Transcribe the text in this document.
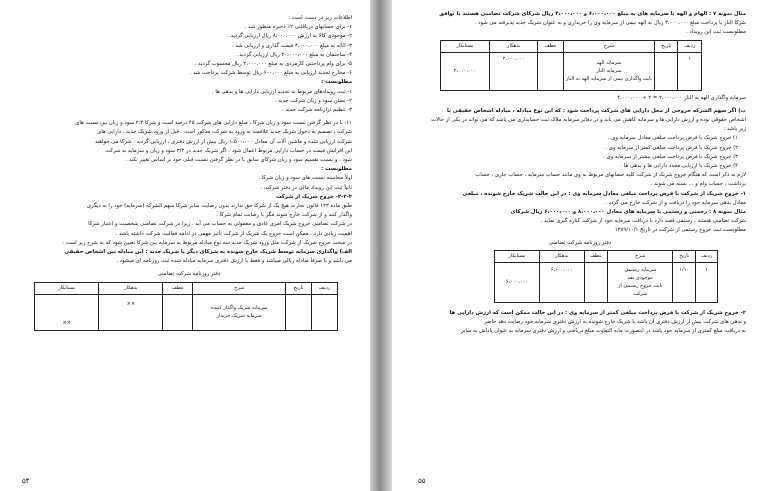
اطلاعات زیر در دست است :
۱- برای حسابهای دریافتنی ۲٪ ذخیره منظور شد .
۲- موجودی کالا به ارزش ۸،۰۰۰،۰۰۰ ریال ارزیابی گردید .
۳- اثاثه به مبلغ ۳،۰۰۰،۰۰۰ قیمت گذاری و ارزیابی شد .
۴- ساختمان به مبلغ ۲۰،۰۰۰،۰۰۰ ریال ارزیابی گردید .
۵- برای وام پرداختنی کارمزدی به مبلغ ۲،۰۰۰،۰۰۰ ریال محسوب گردید .
۶- مخارج تجدید ارزیابی به مبلغ ۶۰۰،۰۰۰ ریال توسط شرکت پرداخت شد .
مطلوبست :
۱- ثبت رویدادهای مربوط به تجدید ارزیابی دارایی ها و بدهی ها .
۲- بستن سود و زیان شرکت جدید .
۳- تنظیم ترازنامه شرکت جدید .
۱۱- با در نظر گرفتن نسبت سود و زیان شرکا ، مبلغ دارایی های شرکت ۴۵ درصد است و شرکا ۲:۳ سود و زیان بین نسبت های
شرکت ، تصمیم به دخول شریک جدید علاقمند به ورود به شرکت مذکور است . قبل از ورود شریک جدید ، دارایی های
شرکت ارزیابی شده و ماشین آلات آن معادل ۱،۵۰۰،۰۰۰ ریال بیش از ارزش دفتری ، ارزیابی گردید . شرکا می خواهند
این افزایش قیمت در حساب دارایی مربوط اعمال شود . اگر شریک جدید در ۳/۴ سود و زیان و سرمایه به شرکت
شود ، و نسبت تقسیم سود و زیان شرکای سابق با در نظر گرفتن نسبت قبلی خود بر اساس تغییر نکند .
مطلوبست :
اولاً محاسبه نسبت های سود و زیان شرکا .
ثانیاً ثبت این رویداد مالی در دفتر شرکت .
۲-۲-۳- خروج شریک از شرکت
طبق ماده ۱۲۳ قانون تجارت هیچ یک از شرکا حق ندارند بدون رضایت سایر شرکا سهم الشرکه (سرمایه) خود را به دیگری
واگذار کنند و از شرکت خارج شوند مگر با رضایت تمام شرکا .
در شرکت تضامنی خروج شریک امری عادی و معمولی به حساب می آید . زیرا در شرکت تضامنی شخصیت و اعتبار شرکا
اهمیت زیادی دارد . ممکن است خروج یک شریک از شرکت تأثیر مهمی در ادامه فعالیت شرکت داشته باشد .
در مبحث خروج شریک از شرکت مثل ورود شریک جدید سه نوع مبادله مربوط به سرمایه بین شرکا تعیین شود که به شرح زیر است :
الف) واگذاری سرمایه توسط شریک خارج شونده به شرکای دیگر یا شریک جدید : این مبادله بین اشخاص حقیقی
می باشد و یا صرفاً مبادله ریالی میباشد و فقط با ارزش دفتری سرمایه مبادله شده ثبت روزنامه ای میشود .
دفتر روزنامه شرکت تضامنی
ردیف	تاریخ	شرح	عطف	بدهکار	بستانکار

		سرمایه شریک واگذار کننده
سرمایه شریک خریدار		××	××
۵۴
مثال نمونه ۷ : الهام و الهه با سرمایه های به مبلغ ۶،۰۰۰،۰۰۰ و ۴،۰۰۰،۰۰۰ ریال شرکای شرکت تضامنی هستند با توافق
شرکا الناز با پرداخت مبلغ ۳،۰۰۰،۰۰۰ ریال به الهه نیمی از سرمایه وی را خریداری و به عنوان شریک جدید پذیرفته می شود .
مطلوبست ثبت این رویداد .
ردیف	تاریخ	شرح	عطف	بدهکار	بستانکار
۱		سرمایه الهه
سرمایه الناز
بابت واگذاری نیمی از سرمایه الهه به الناز		۲،۰۰۰،۰۰۰	۲،۰۰۰،۰۰۰
سرمایه واگذاری الهه به الناز ۲،۰۰۰،۰۰۰ = ۲ ÷ ۴،۰۰۰،۰۰۰
ب) اگر سهم الشرکه خروجی از محل دارایی های شرکت پرداخت شود : که این نوع مبادله ، مبادله اشخاص حقیقی با
اشخاص حقوقی بوده و ارزش دارایی ها و سرمایه کاهش می یابد و در دفاتر سرمایه ملاک ثبت حسابداری می باشد که می تواند در یکی از حالات
زیر باشد :
۱) خروج شریک با فرض پرداخت مبلغی معادل سرمایه وی .
۲) خروج شریک با فرض پرداخت مبلغی کمتر از سرمایه وی .
۳) خروج شریک با فرض پرداخت مبلغی بیشتر از سرمایه وی .
۴) خروج شریک با ارزیابی مجدد دارایی ها و بدهی ها .
لازم به ذکر است که هنگام خروج شریک از شرکت کلیه حسابهای مربوط به وی مانند حساب سرمایه ، حساب جاری ، حساب
برداشت ، حساب وام و ... بسته می شوند .
۱- خروج شریک از شرکت با فرض پرداخت مبلغی معادل سرمایه وی : در این حالت شریک خارج شونده ، مبلغی
معادل بدهی سرمایه خود را دریافت و از شرکت خارج می گردد .
مثال نمونه ۸ : رحمتی و رستمی با سرمایه های معادل ۸،۰۰۰،۰۰۰ و ۶،۰۰۰،۰۰۰ ریال شرکای
شرکت تضامنی هستند . رستمی قصد دارد با دریافت سرمایه خود از شرکت کناره گیری نماید .
مطلوبست ثبت خروج رستمی از شرکت در تاریخ ۱۳۸۹/۱۰/۱
دفتر روزنامه شرکت تضامنی
ردیف	تاریخ	شرح	عطف	بدهکار	بستانکار
۱	۱/۱۰	سرمایه رستمی
موجودی نقد
بابت خروج رستمی از شرکت		۶،۰۰۰،۰۰۰	۶،۰۰۰،۰۰۰
۲- خروج شریک از شرکت با فرض پرداخت مبلغی کمتر از سرمایه وی : در این حالت ممکن است که ارزش دارایی ها
و بدهی های شرکت بیش از ارزش دفتری آن باشد یا شریک خارج شونده به ارزش دفتری سرمایه خود رضایت دهد حاضر
به دریافت مبلغ کمتری از سرمایه خود باشد در اینصورت مابه التفاوت مبلغ دریافتی و ارزش دفتری سرمایه به عنوان پاداش به سایر
۵۵
